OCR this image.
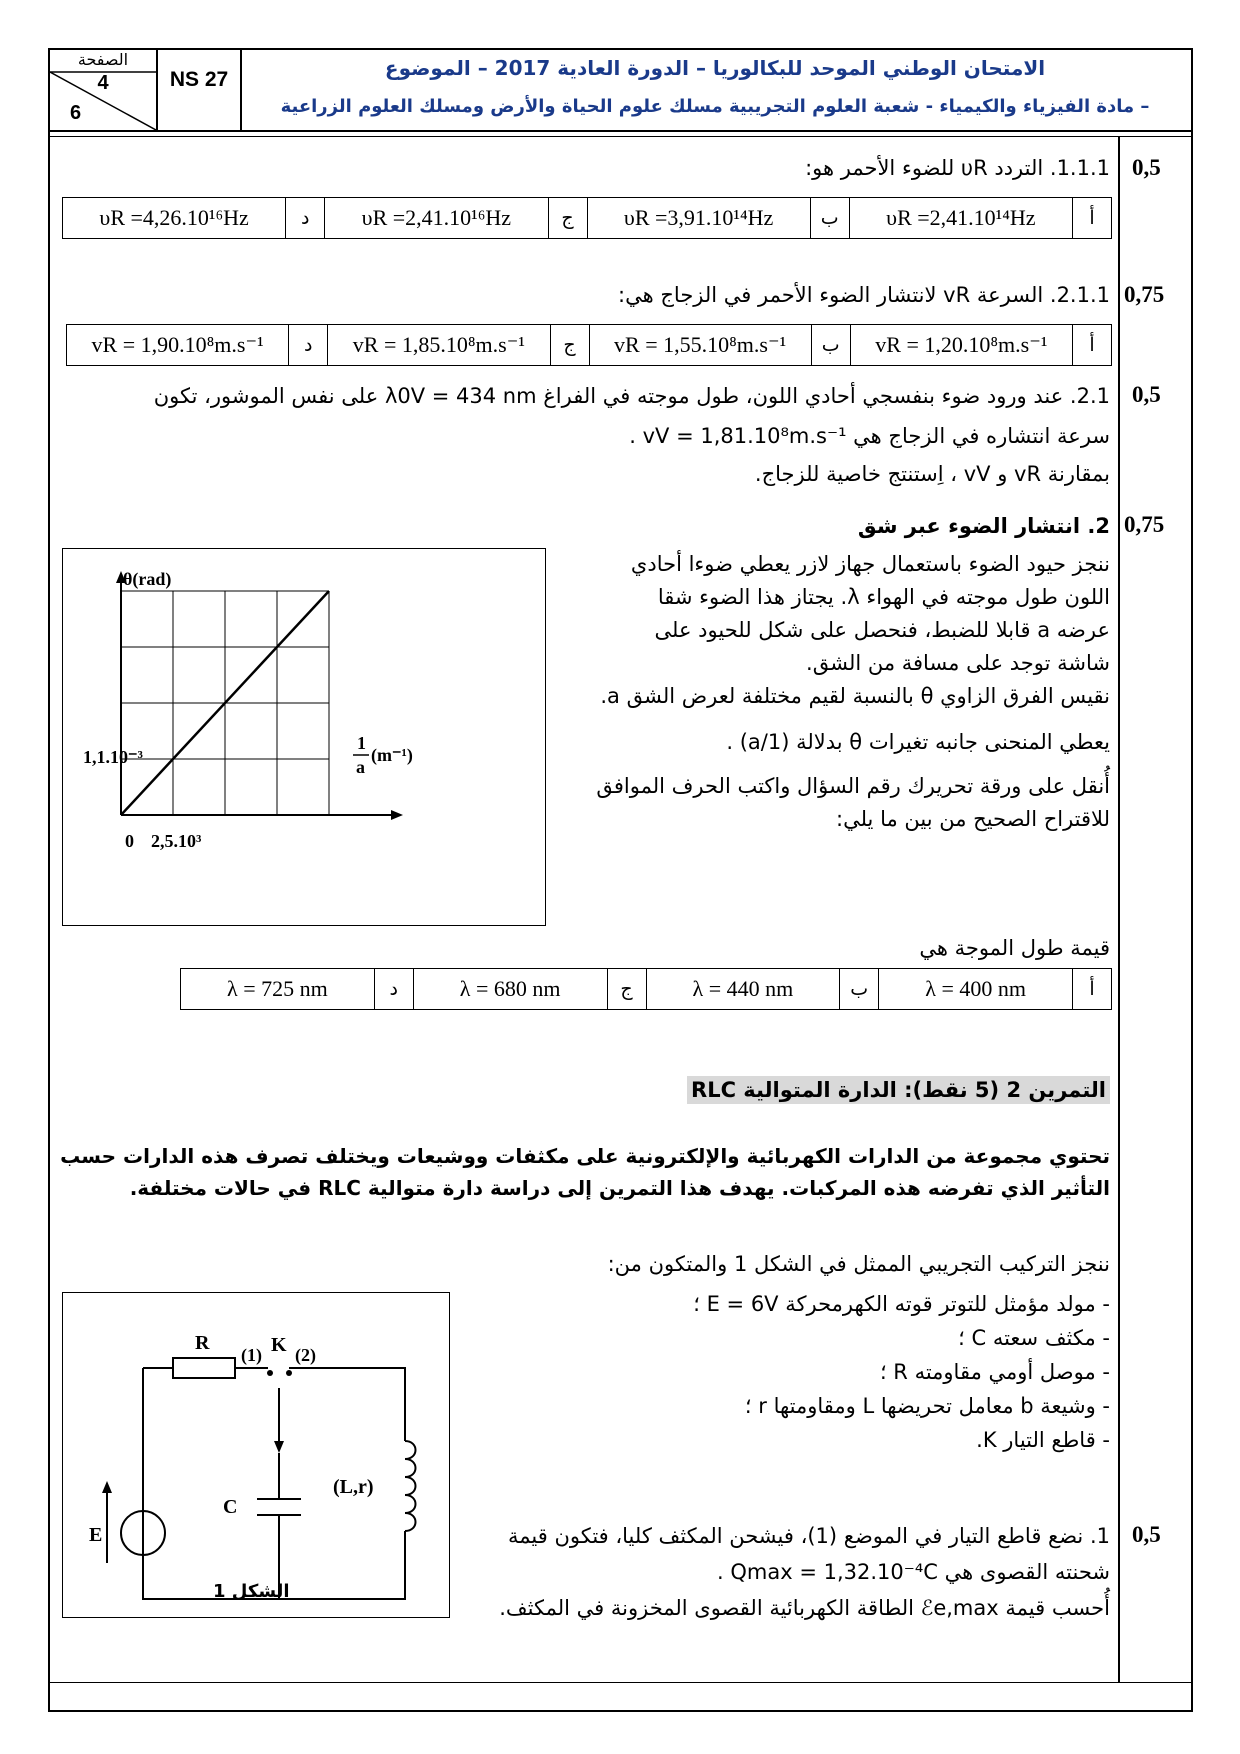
الصفحة
4
6
NS 27	الامتحان الوطني الموحد للبكالوريا – الدورة العادية 2017 – الموضوع
– مادة الفيزياء والكيمياء - شعبة العلوم التجريبية مسلك علوم الحياة والأرض ومسلك العلوم الزراعية
0,5
1.1.1. التردد υR للضوء الأحمر هو:
أ	υR =2,41.10¹⁴Hz	ب	υR =3,91.10¹⁴Hz	ج	υR =2,41.10¹⁶Hz	د	υR =4,26.10¹⁶Hz
0,75
2.1.1. السرعة vR لانتشار الضوء الأحمر في الزجاج هي:
أ	vR = 1,20.10⁸m.s⁻¹	ب	vR = 1,55.10⁸m.s⁻¹	ج	vR = 1,85.10⁸m.s⁻¹	د	vR = 1,90.10⁸m.s⁻¹
0,5
2.1. عند ورود ضوء بنفسجي أحادي اللون، طول موجته في الفراغ λ0V = 434 nm على نفس الموشور، تكون
سرعة انتشاره في الزجاج هي vV = 1,81.10⁸m.s⁻¹ .
بمقارنة vR و vV ، اِستنتج خاصية للزجاج.
0,75
2. انتشار الضوء عبر شق
ننجز حيود الضوء باستعمال جهاز لازر يعطي ضوءا أحادي
اللون طول موجته في الهواء λ. يجتاز هذا الضوء شقا
عرضه a قابلا للضبط، فنحصل على شكل للحيود على
شاشة توجد على مسافة من الشق.
نقيس الفرق الزاوي θ بالنسبة لقيم مختلفة لعرض الشق a.
يعطي المنحنى جانبه تغيرات θ بدلالة (1/a) .
أُنقل على ورقة تحريرك رقم السؤال واكتب الحرف الموافق
للاقتراح الصحيح من بين ما يلي:
θ(rad)
1,1.10⁻³
2,5.10³
0
1
a
(m⁻¹)
قيمة طول الموجة هي
أ	λ = 400 nm	ب	λ = 440 nm	ج	λ = 680 nm	د	λ = 725 nm
التمرين 2 (5 نقط): الدارة المتوالية RLC
تحتوي مجموعة من الدارات الكهربائية والإلكترونية على مكثفات ووشيعات ويختلف تصرف هذه الدارات حسب
التأثير الذي تفرضه هذه المركبات. يهدف هذا التمرين إلى دراسة دارة متوالية RLC في حالات مختلفة.
ننجز التركيب التجريبي الممثل في الشكل 1 والمتكون من:
- مولد مؤمثل للتوتر قوته الكهرمحركة E = 6V ؛
- مكثف سعته C ؛
- موصل أومي مقاومته R ؛
- وشيعة b معامل تحريضها L ومقاومتها r ؛
- قاطع التيار K.
R
(1) K (2)
C
E
(L,r)
الشكل 1
0,5
1. نضع قاطع التيار في الموضع (1)، فيشحن المكثف كليا، فتكون قيمة
شحنته القصوى هي Qmax = 1,32.10⁻⁴C .
أُحسب قيمة ℰe,max الطاقة الكهربائية القصوى المخزونة في المكثف.
